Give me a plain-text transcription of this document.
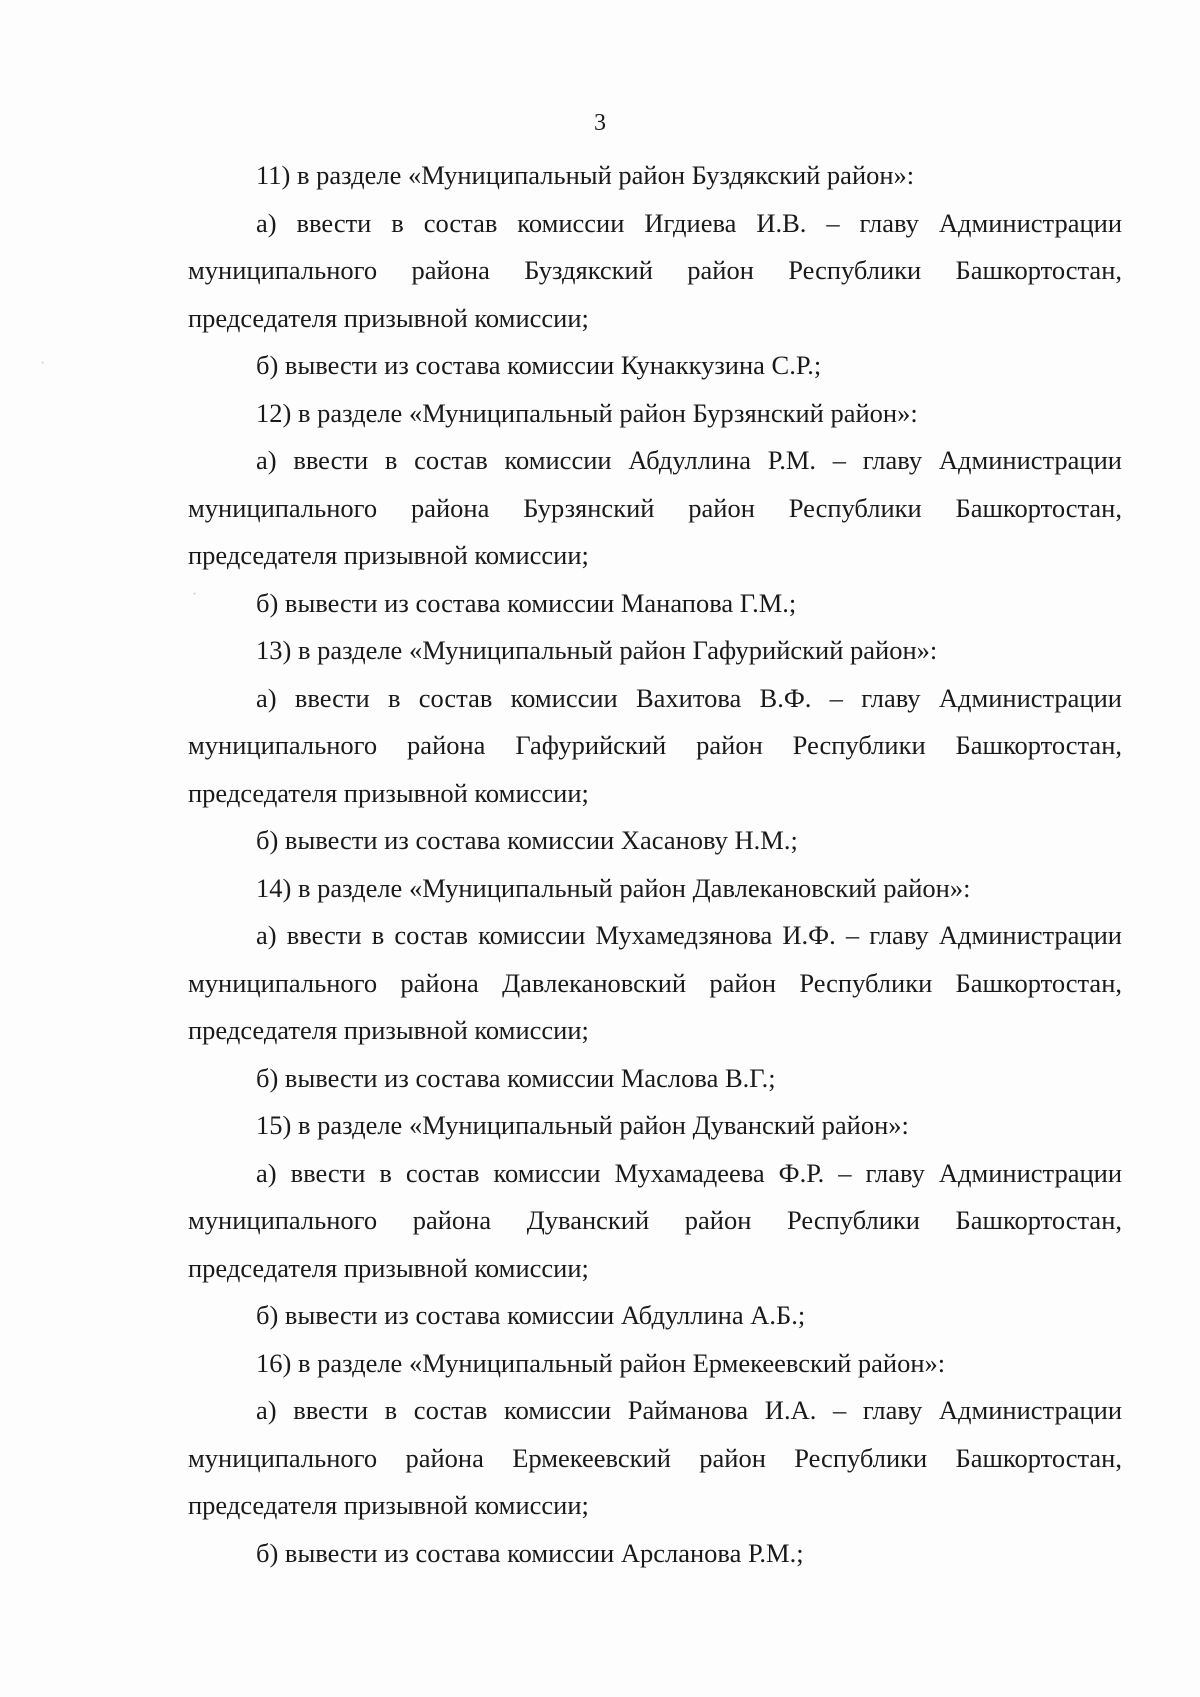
3

11) в разделе «Муниципальный район Буздякский район»:

а) ввести в состав комиссии Игдиева И.В. – главу Администрации муниципального района Буздякский район Республики Башкортостан, председателя призывной комиссии;

б) вывести из состава комиссии Кунаккузина С.Р.;

12) в разделе «Муниципальный район Бурзянский район»:

а) ввести в состав комиссии Абдуллина Р.М. – главу Администрации муниципального района Бурзянский район Республики Башкортостан, председателя призывной комиссии;

б) вывести из состава комиссии Манапова Г.М.;

13) в разделе «Муниципальный район Гафурийский район»:

а) ввести в состав комиссии Вахитова В.Ф. – главу Администрации муниципального района Гафурийский район Республики Башкортостан, председателя призывной комиссии;

б) вывести из состава комиссии Хасанову Н.М.;

14) в разделе «Муниципальный район Давлекановский район»:

а) ввести в состав комиссии Мухамедзянова И.Ф. – главу Администрации муниципального района Давлекановский район Республики Башкортостан, председателя призывной комиссии;

б) вывести из состава комиссии Маслова В.Г.;

15) в разделе «Муниципальный район Дуванский район»:

а) ввести в состав комиссии Мухамадеева Ф.Р. – главу Администрации муниципального района Дуванский район Республики Башкортостан, председателя призывной комиссии;

б) вывести из состава комиссии Абдуллина А.Б.;

16) в разделе «Муниципальный район Ермекеевский район»:

а) ввести в состав комиссии Райманова И.А. – главу Администрации муниципального района Ермекеевский район Республики Башкортостан, председателя призывной комиссии;

б) вывести из состава комиссии Арсланова Р.М.;

·
·
